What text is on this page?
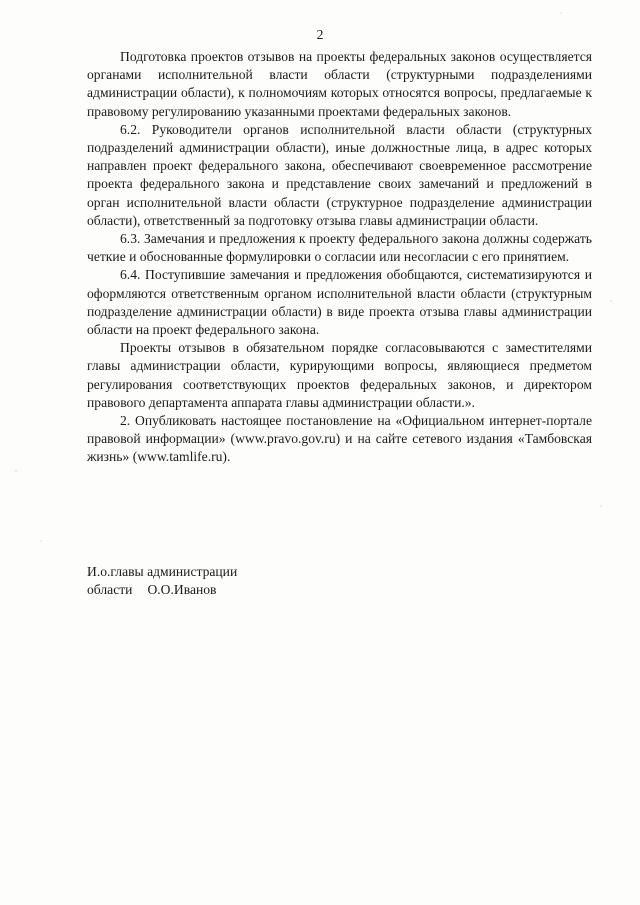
2

Подготовка проектов отзывов на проекты федеральных законов осуществляется органами исполнительной власти области (структурными подразделениями администрации области), к полномочиям которых относятся вопросы, предлагаемые к правовому регулированию указанными проектами федеральных законов.

6.2. Руководители органов исполнительной власти области (структурных подразделений администрации области), иные должностные лица, в адрес которых направлен проект федерального закона, обеспечивают своевременное рассмотрение проекта федерального закона и представление своих замечаний и предложений в орган исполнительной власти области (структурное подразделение администрации области), ответственный за подготовку отзыва главы администрации области.

6.3. Замечания и предложения к проекту федерального закона должны содержать четкие и обоснованные формулировки о согласии или несогласии с его принятием.

6.4. Поступившие замечания и предложения обобщаются, систематизируются и оформляются ответственным органом исполнительной власти области (структурным подразделение администрации области) в виде проекта отзыва главы администрации области на проект федерального закона.

Проекты отзывов в обязательном порядке согласовываются с заместителями главы администрации области, курирующими вопросы, являющиеся предметом регулирования соответствующих проектов федеральных законов, и директором правового департамента аппарата главы администрации области.».

2. Опубликовать настоящее постановление на «Официальном интернет-портале правовой информации» (www.pravo.gov.ru) и на сайте сетевого издания «Тамбовская жизнь» (www.tamlife.ru).

И.о.главы администрации
области О.О.Иванов
